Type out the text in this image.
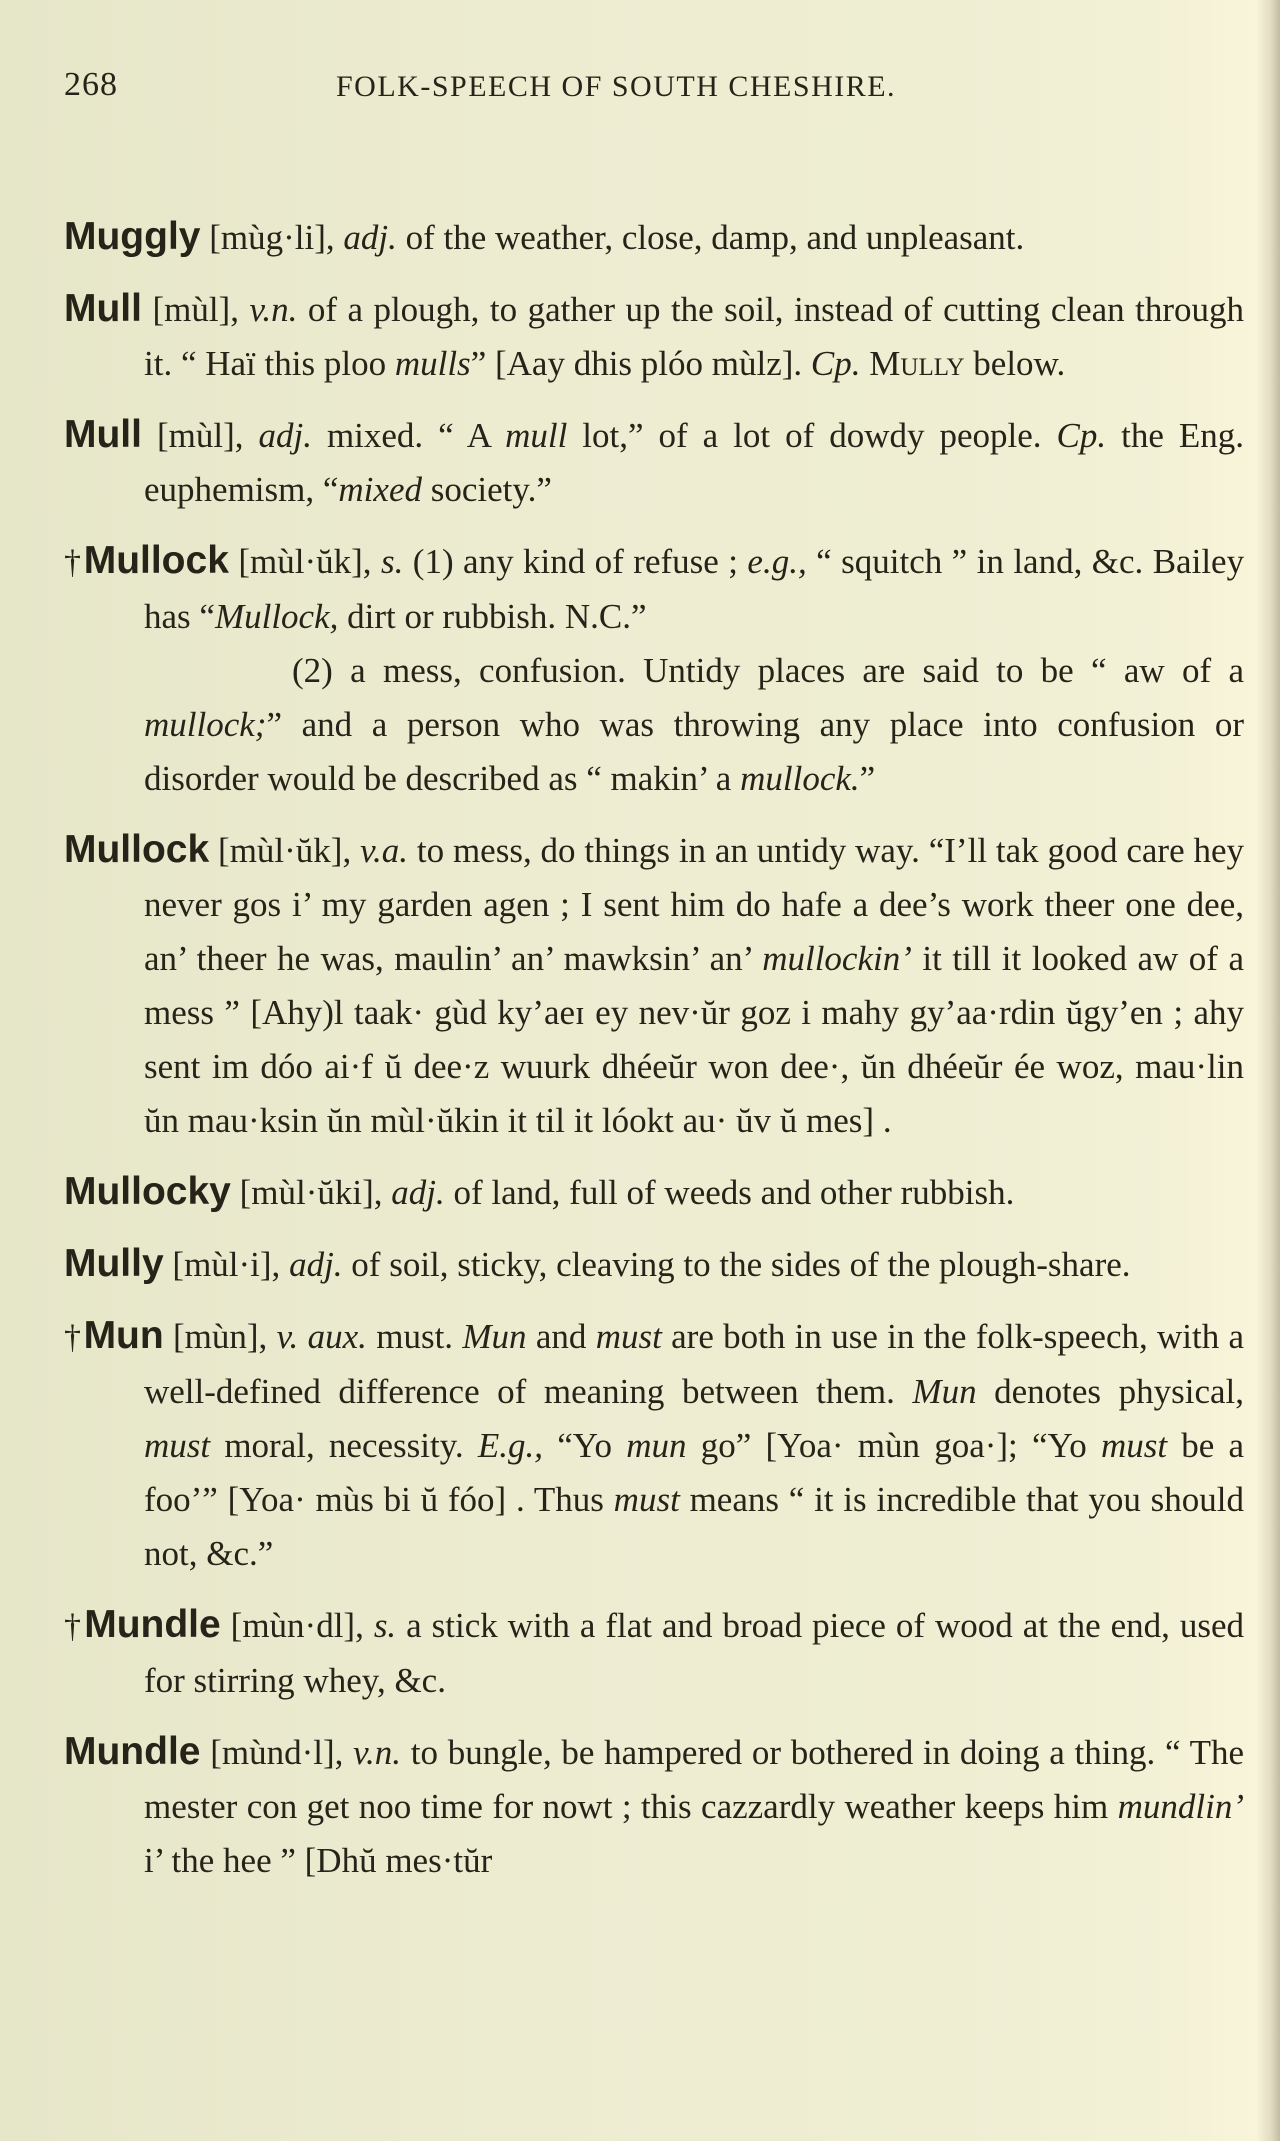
268	FOLK-SPEECH OF SOUTH CHESHIRE.

Muggly [mùg·li], adj. of the weather, close, damp, and unpleasant.

Mull [mùl], v.n. of a plough, to gather up the soil, instead of cutting clean through it. “ Haï this ploo mulls” [Aay dhis plóo mùlz]. Cp. Mully below.

Mull [mùl], adj. mixed. “ A mull lot,” of a lot of dowdy people. Cp. the Eng. euphemism, “mixed society.”

†Mullock [mùl·ŭk], s. (1) any kind of refuse ; e.g., “ squitch ” in land, &c. Bailey has “Mullock, dirt or rubbish. N.C.”
(2) a mess, confusion. Untidy places are said to be “ aw of a mullock;” and a person who was throwing any place into confusion or disorder would be described as “ makin’ a mullock.”

Mullock [mùl·ŭk], v.a. to mess, do things in an untidy way. “I’ll tak good care hey never gos i’ my garden agen ; I sent him do hafe a dee’s work theer one dee, an’ theer he was, maulin’ an’ mawksin’ an’ mullockin’ it till it looked aw of a mess ” [Ahy)l taak· gùd ky’aeɪ ey nev·ŭr goz i mahy gy’aa·rdin ŭgy’en ; ahy sent im dóo ai·f ŭ dee·z wuurk dhéeŭr won dee·, ŭn dhéeŭr ée woz, mau·lin ŭn mau·ksin ŭn mùl·ŭkin it til it lóokt au· ŭv ŭ mes] .

Mullocky [mùl·ŭki], adj. of land, full of weeds and other rubbish.

Mully [mùl·i], adj. of soil, sticky, cleaving to the sides of the plough-share.

†Mun [mùn], v. aux. must. Mun and must are both in use in the folk-speech, with a well-defined difference of meaning between them. Mun denotes physical, must moral, necessity. E.g., “Yo mun go” [Yoa· mùn goa·]; “Yo must be a foo’” [Yoa· mùs bi ŭ fóo] . Thus must means “ it is incredible that you should not, &c.”

†Mundle [mùn·dl], s. a stick with a flat and broad piece of wood at the end, used for stirring whey, &c.

Mundle [mùnd·l], v.n. to bungle, be hampered or bothered in doing a thing. “ The mester con get noo time for nowt ; this cazzardly weather keeps him mundlin’ i’ the hee ” [Dhŭ mes·tŭr
